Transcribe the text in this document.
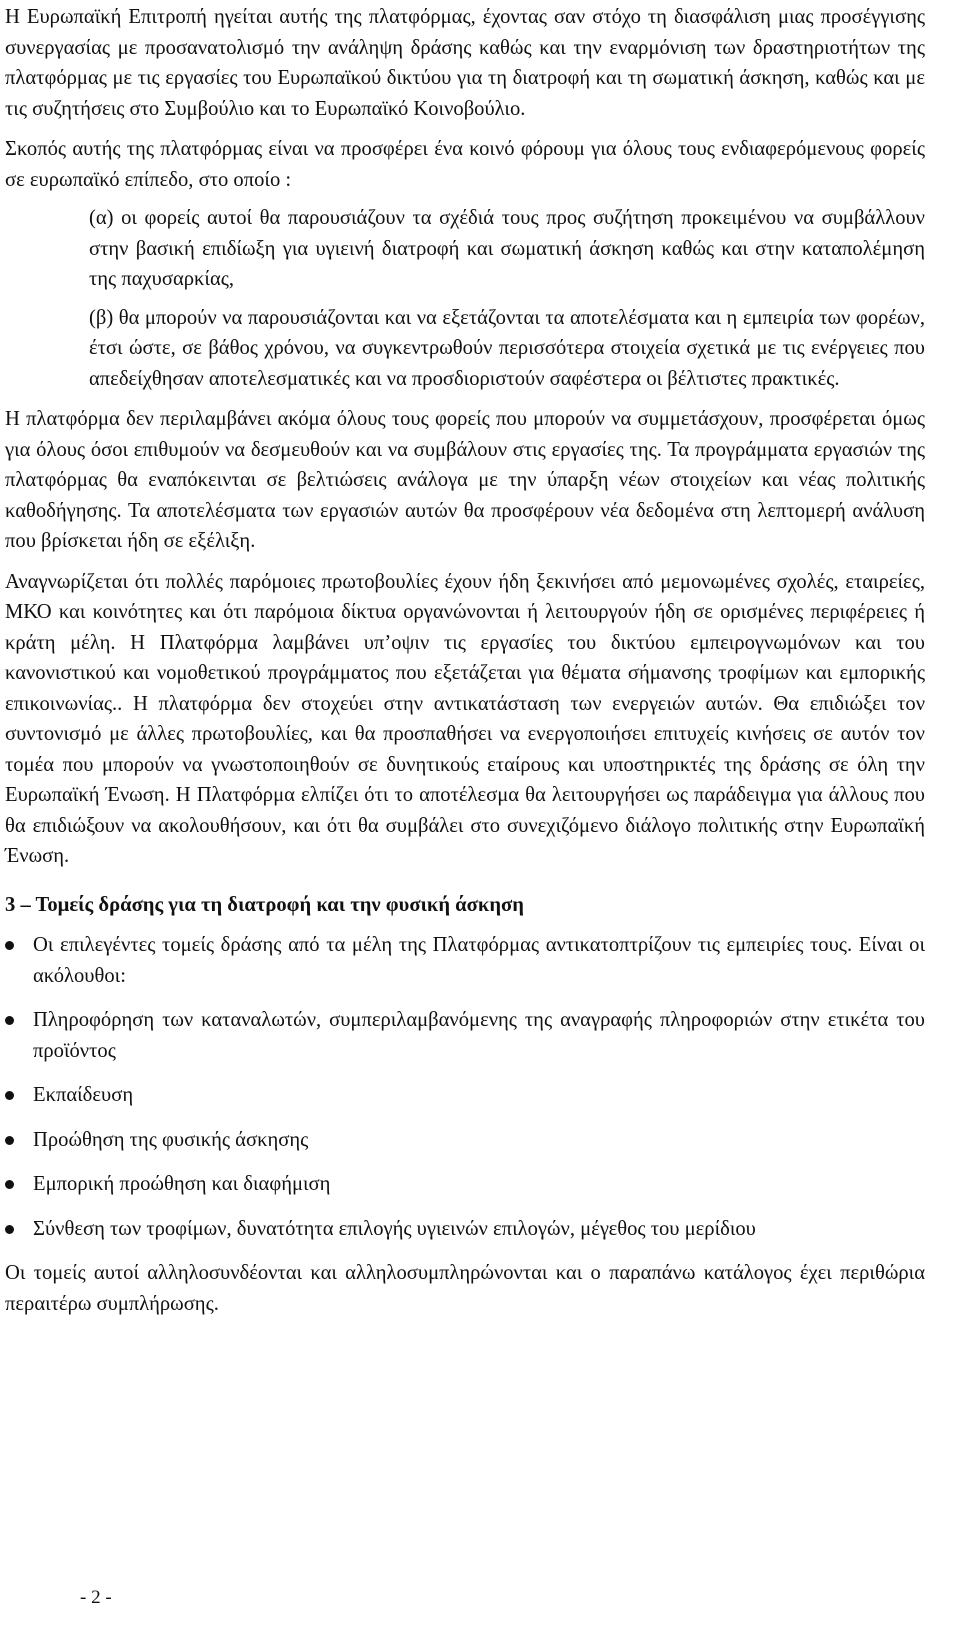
Η Ευρωπαϊκή Επιτροπή ηγείται αυτής της πλατφόρμας, έχοντας σαν στόχο τη διασφάλιση μιας προσέγγισης συνεργασίας με προσανατολισμό την ανάληψη δράσης καθώς και την εναρμόνιση των δραστηριοτήτων της πλατφόρμας με τις εργασίες του Ευρωπαϊκού δικτύου για τη διατροφή και τη σωματική άσκηση, καθώς και με τις συζητήσεις στο Συμβούλιο και το Ευρωπαϊκό Κοινοβούλιο.

Σκοπός αυτής της πλατφόρμας είναι να προσφέρει ένα κοινό φόρουμ για όλους τους ενδιαφερόμενους φορείς σε ευρωπαϊκό επίπεδο, στο οποίο :

(α) οι φορείς αυτοί θα παρουσιάζουν τα σχέδιά τους προς συζήτηση προκειμένου να συμβάλλουν στην βασική επιδίωξη για υγιεινή διατροφή και σωματική άσκηση καθώς και στην καταπολέμηση της παχυσαρκίας,

(β) θα μπορούν να παρουσιάζονται και να εξετάζονται τα αποτελέσματα και η εμπειρία των φορέων, έτσι ώστε, σε βάθος χρόνου, να συγκεντρωθούν περισσότερα στοιχεία σχετικά με τις ενέργειες που απεδείχθησαν αποτελεσματικές και να προσδιοριστούν σαφέστερα οι βέλτιστες πρακτικές.

Η πλατφόρμα δεν περιλαμβάνει ακόμα όλους τους φορείς που μπορούν να συμμετάσχουν, προσφέρεται όμως για όλους όσοι επιθυμούν να δεσμευθούν και να συμβάλουν στις εργασίες της. Τα προγράμματα εργασιών της πλατφόρμας θα εναπόκεινται σε βελτιώσεις ανάλογα με την ύπαρξη νέων στοιχείων και νέας πολιτικής καθοδήγησης. Τα αποτελέσματα των εργασιών αυτών θα προσφέρουν νέα δεδομένα στη λεπτομερή ανάλυση που βρίσκεται ήδη σε εξέλιξη.

Αναγνωρίζεται ότι πολλές παρόμοιες πρωτοβουλίες έχουν ήδη ξεκινήσει από μεμονωμένες σχολές, εταιρείες, ΜΚΟ και κοινότητες και ότι παρόμοια δίκτυα οργανώνονται ή λειτουργούν ήδη σε ορισμένες περιφέρειες ή κράτη μέλη. Η Πλατφόρμα λαμβάνει υπ’οψιν τις εργασίες του δικτύου εμπειρογνωμόνων και του κανονιστικού και νομοθετικού προγράμματος που εξετάζεται για θέματα σήμανσης τροφίμων και εμπορικής επικοινωνίας.. Η πλατφόρμα δεν στοχεύει στην αντικατάσταση των ενεργειών αυτών. Θα επιδιώξει τον συντονισμό με άλλες πρωτοβουλίες, και θα προσπαθήσει να ενεργοποιήσει επιτυχείς κινήσεις σε αυτόν τον τομέα που μπορούν να γνωστοποιηθούν σε δυνητικούς εταίρους και υποστηρικτές της δράσης σε όλη την Ευρωπαϊκή Ένωση. Η Πλατφόρμα ελπίζει ότι το αποτέλεσμα θα λειτουργήσει ως παράδειγμα για άλλους που θα επιδιώξουν να ακολουθήσουν, και ότι θα συμβάλει στο συνεχιζόμενο διάλογο πολιτικής στην Ευρωπαϊκή Ένωση.

3 – Τομείς δράσης για τη διατροφή και την φυσική άσκηση

Οι επιλεγέντες τομείς δράσης από τα μέλη της Πλατφόρμας αντικατοπτρίζουν τις εμπειρίες τους. Είναι οι ακόλουθοι:
Πληροφόρηση των καταναλωτών, συμπεριλαμβανόμενης της αναγραφής πληροφοριών στην ετικέτα του προϊόντος
Εκπαίδευση
Προώθηση της φυσικής άσκησης
Εμπορική προώθηση και διαφήμιση
Σύνθεση των τροφίμων, δυνατότητα επιλογής υγιεινών επιλογών, μέγεθος του μερίδιου

Οι τομείς αυτοί αλληλοσυνδέονται και αλληλοσυμπληρώνονται και ο παραπάνω κατάλογος έχει περιθώρια περαιτέρω συμπλήρωσης.

- 2 -
